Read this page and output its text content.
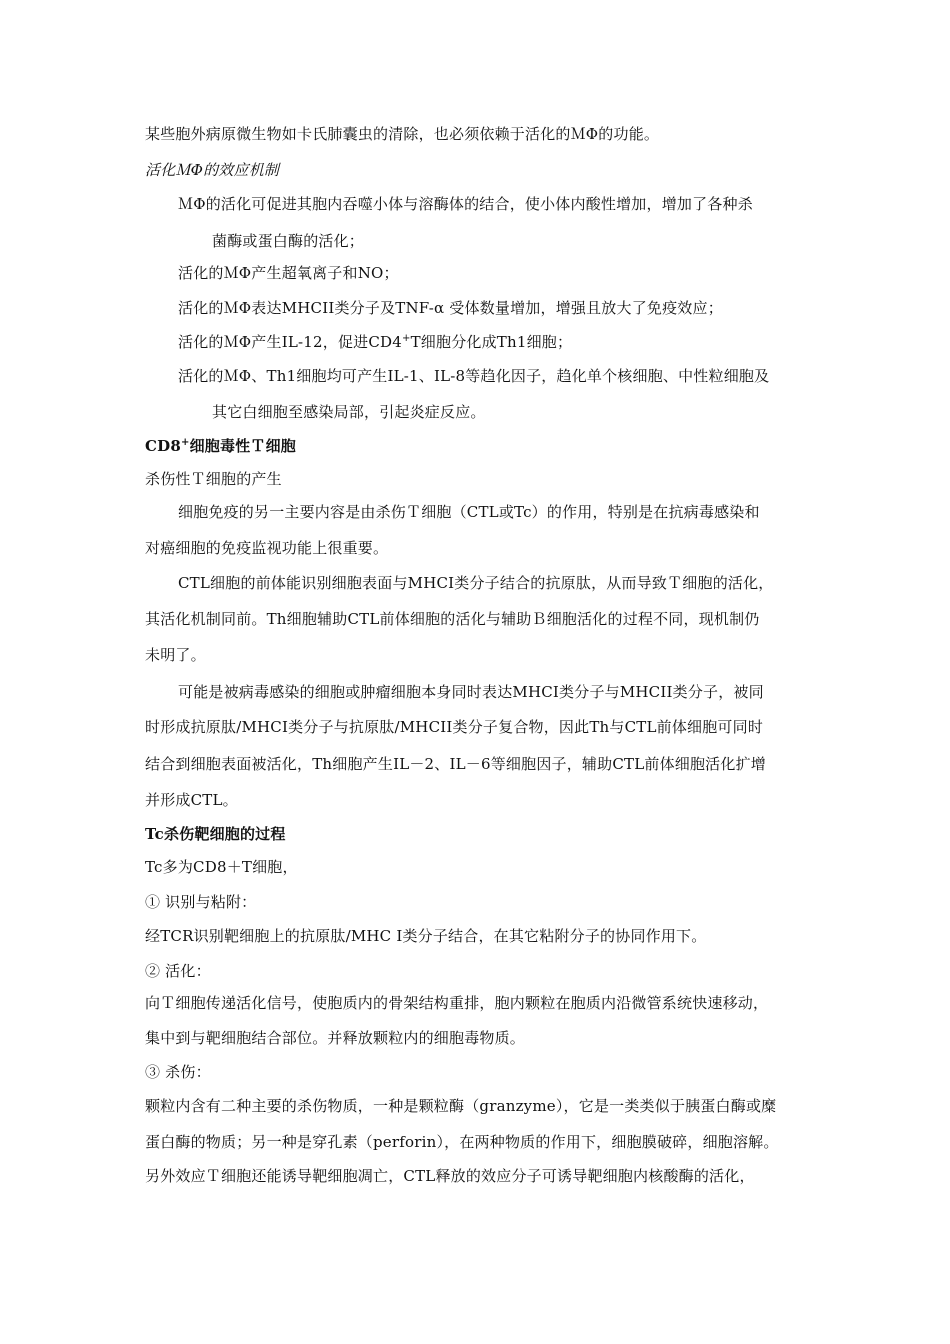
某些胞外病原微生物如卡氏肺囊虫的清除，也必须依赖于活化的ＭΦ的功能。
活化ＭΦ的效应机制
ＭΦ的活化可促进其胞内吞噬小体与溶酶体的结合，使小体内酸性增加，增加了各种杀
菌酶或蛋白酶的活化；
活化的ＭΦ产生超氧离子和NO；
活化的ＭΦ表达MHCII类分子及TNF-α 受体数量增加，增强且放大了免疫效应；
活化的ＭΦ产生IL-12，促进CD4+T细胞分化成Th1细胞；
活化的ＭΦ、Th1细胞均可产生IL-1、IL-8等趋化因子，趋化单个核细胞、中性粒细胞及
其它白细胞至感染局部，引起炎症反应。
CD8+细胞毒性Ｔ细胞
杀伤性Ｔ细胞的产生
细胞免疫的另一主要内容是由杀伤Ｔ细胞（CTL或Tc）的作用，特别是在抗病毒感染和
对癌细胞的免疫监视功能上很重要。
CTL细胞的前体能识别细胞表面与MHCI类分子结合的抗原肽，从而导致Ｔ细胞的活化，
其活化机制同前。Th细胞辅助CTL前体细胞的活化与辅助Ｂ细胞活化的过程不同，现机制仍
未明了。
可能是被病毒感染的细胞或肿瘤细胞本身同时表达MHCI类分子与MHCII类分子，被同
时形成抗原肽/MHCI类分子与抗原肽/MHCII类分子复合物，因此Th与CTL前体细胞可同时
结合到细胞表面被活化，Th细胞产生IL－2、IL－6等细胞因子，辅助CTL前体细胞活化扩增
并形成CTL。
Tc杀伤靶细胞的过程
Tc多为CD8＋T细胞，
① 识别与粘附：
经TCR识别靶细胞上的抗原肽/MHC Ⅰ类分子结合，在其它粘附分子的协同作用下。
② 活化：
向Ｔ细胞传递活化信号，使胞质内的骨架结构重排，胞内颗粒在胞质内沿微管系统快速移动，
集中到与靶细胞结合部位。并释放颗粒内的细胞毒物质。
③ 杀伤：
颗粒内含有二种主要的杀伤物质，一种是颗粒酶（granzyme），它是一类类似于胰蛋白酶或糜
蛋白酶的物质；另一种是穿孔素（perforin），在两种物质的作用下，细胞膜破碎，细胞溶解。
另外效应Ｔ细胞还能诱导靶细胞凋亡，CTL释放的效应分子可诱导靶细胞内核酸酶的活化，
